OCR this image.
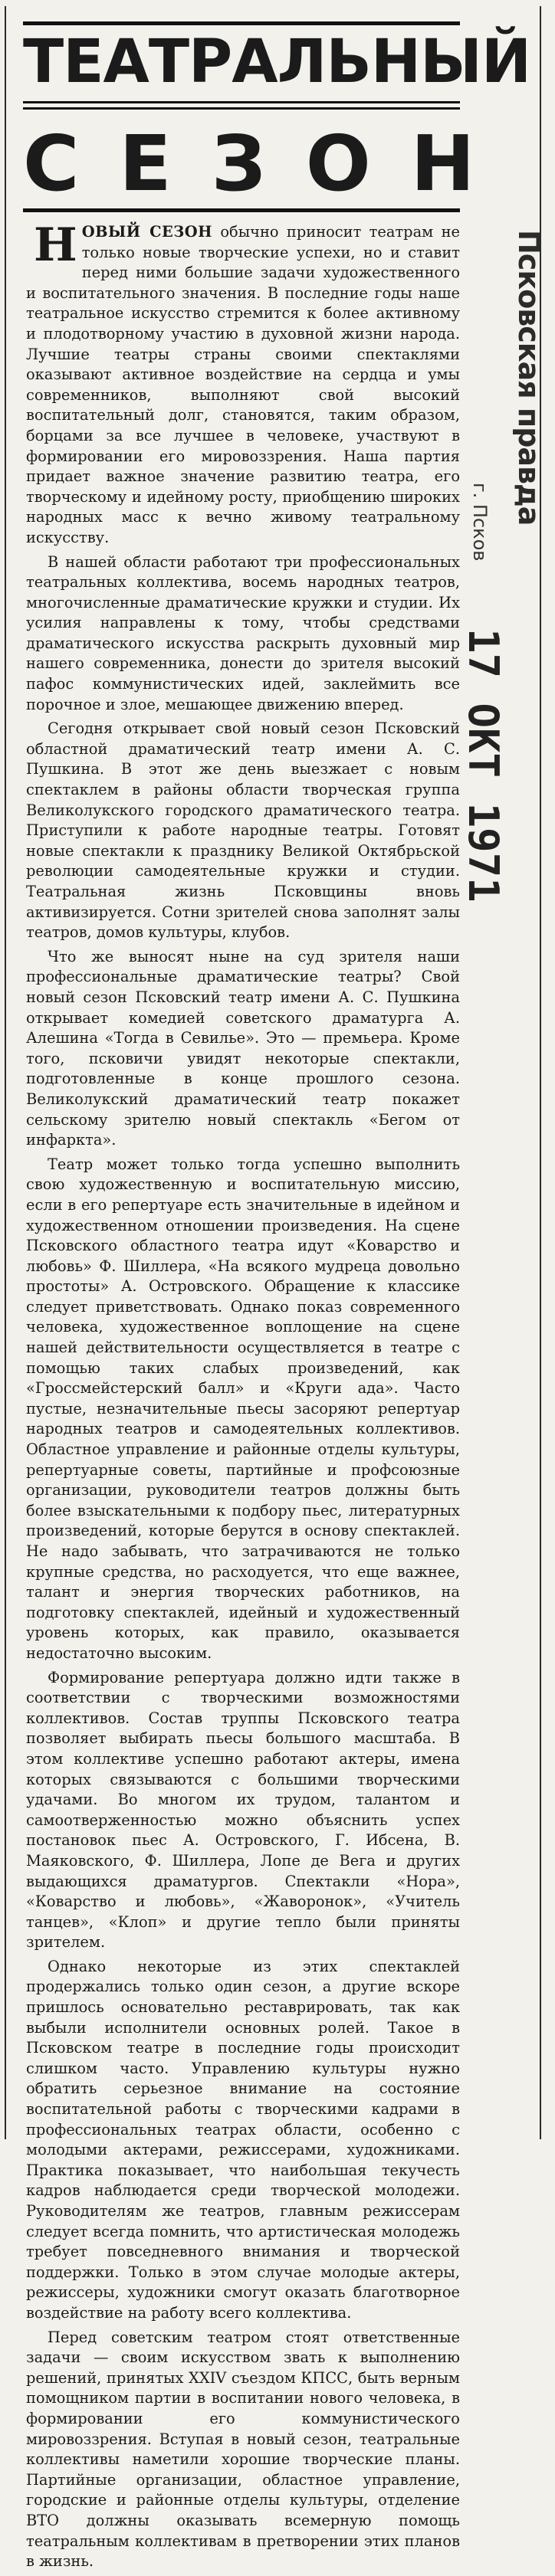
ТЕАТРАЛЬНЫЙ
СЕЗОН
Псковская правда
г. Псков
17 ОКТ 1971

НОВЫЙ СЕЗОН обычно приносит театрам не только новые творческие успехи, но и ставит перед ними большие задачи художественного и воспитательного значения. В последние годы наше театральное искусство стремится к более активному и плодотворному участию в духовной жизни народа. Лучшие театры страны своими спектаклями оказывают активное воздействие на сердца и умы современников, выполняют свой высокий воспитательный долг, становятся, таким образом, борцами за все лучшее в человеке, участвуют в формировании его мировоззрения. Наша партия придает важное значение развитию театра, его творческому и идейному росту, приобщению широких народных масс к вечно живому театральному искусству.

В нашей области работают три профессиональных театральных коллектива, восемь народных театров, многочисленные драматические кружки и студии. Их усилия направлены к тому, чтобы средствами драматического искусства раскрыть духовный мир нашего современника, донести до зрителя высокий пафос коммунистических идей, заклеймить все порочное и злое, мешающее движению вперед.

Сегодня открывает свой новый сезон Псковский областной драматический театр имени А. С. Пушкина. В этот же день выезжает с новым спектаклем в районы области творческая группа Великолукского городского драматического театра. Приступили к работе народные театры. Готовят новые спектакли к празднику Великой Октябрьской революции самодеятельные кружки и студии. Театральная жизнь Псковщины вновь активизируется. Сотни зрителей снова заполнят залы театров, домов культуры, клубов.

Что же выносят ныне на суд зрителя наши профессиональные драматические театры? Свой новый сезон Псковский театр имени А. С. Пушкина открывает комедией советского драматурга А. Алешина «Тогда в Севилье». Это — премьера. Кроме того, псковичи увидят некоторые спектакли, подготовленные в конце прошлого сезона. Великолукский драматический театр покажет сельскому зрителю новый спектакль «Бегом от инфаркта».

Театр может только тогда успешно выполнить свою художественную и воспитательную миссию, если в его репертуаре есть значительные в идейном и художественном отношении произведения. На сцене Псковского областного театра идут «Коварство и любовь» Ф. Шиллера, «На всякого мудреца довольно простоты» А. Островского. Обращение к классике следует приветствовать. Однако показ современного человека, художественное воплощение на сцене нашей действительности осуществляется в театре с помощью таких слабых произведений, как «Гроссмейстерский балл» и «Круги ада». Часто пустые, незначительные пьесы засоряют репертуар народных театров и самодеятельных коллективов. Областное управление и районные отделы культуры, репертуарные советы, партийные и профсоюзные организации, руководители театров должны быть более взыскательными к подбору пьес, литературных произведений, которые берутся в основу спектаклей. Не надо забывать, что затрачиваются не только крупные средства, но расходуется, что еще важнее, талант и энергия творческих работников, на подготовку спектаклей, идейный и художественный уровень которых, как правило, оказывается недостаточно высоким.

Формирование репертуара должно идти также в соответствии с творческими возможностями коллективов. Состав труппы Псковского театра позволяет выбирать пьесы большого масштаба. В этом коллективе успешно работают актеры, имена которых связываются с большими творческими удачами. Во многом их трудом, талантом и самоотверженностью можно объяснить успех постановок пьес А. Островского, Г. Ибсена, В. Маяковского, Ф. Шиллера, Лопе де Вега и других выдающихся драматургов. Спектакли «Нора», «Коварство и любовь», «Жаворонок», «Учитель танцев», «Клоп» и другие тепло были приняты зрителем.

Однако некоторые из этих спектаклей продержались только один сезон, а другие вскоре пришлось основательно реставрировать, так как выбыли исполнители основных ролей. Такое в Псковском театре в последние годы происходит слишком часто. Управлению культуры нужно обратить серьезное внимание на состояние воспитательной работы с творческими кадрами в профессиональных театрах области, особенно с молодыми актерами, режиссерами, художниками. Практика показывает, что наибольшая текучесть кадров наблюдается среди творческой молодежи. Руководителям же театров, главным режиссерам следует всегда помнить, что артистическая молодежь требует повседневного внимания и творческой поддержки. Только в этом случае молодые актеры, режиссеры, художники смогут оказать благотворное воздействие на работу всего коллектива.

Перед советским театром стоят ответственные задачи — своим искусством звать к выполнению решений, принятых XXIV съездом КПСС, быть верным помощником партии в воспитании нового человека, в формировании его коммунистического мировоззрения. Вступая в новый сезон, театральные коллективы наметили хорошие творческие планы. Партийные организации, областное управление, городские и районные отделы культуры, отделение ВТО должны оказывать всемерную помощь театральным коллективам в претворении этих планов в жизнь.
